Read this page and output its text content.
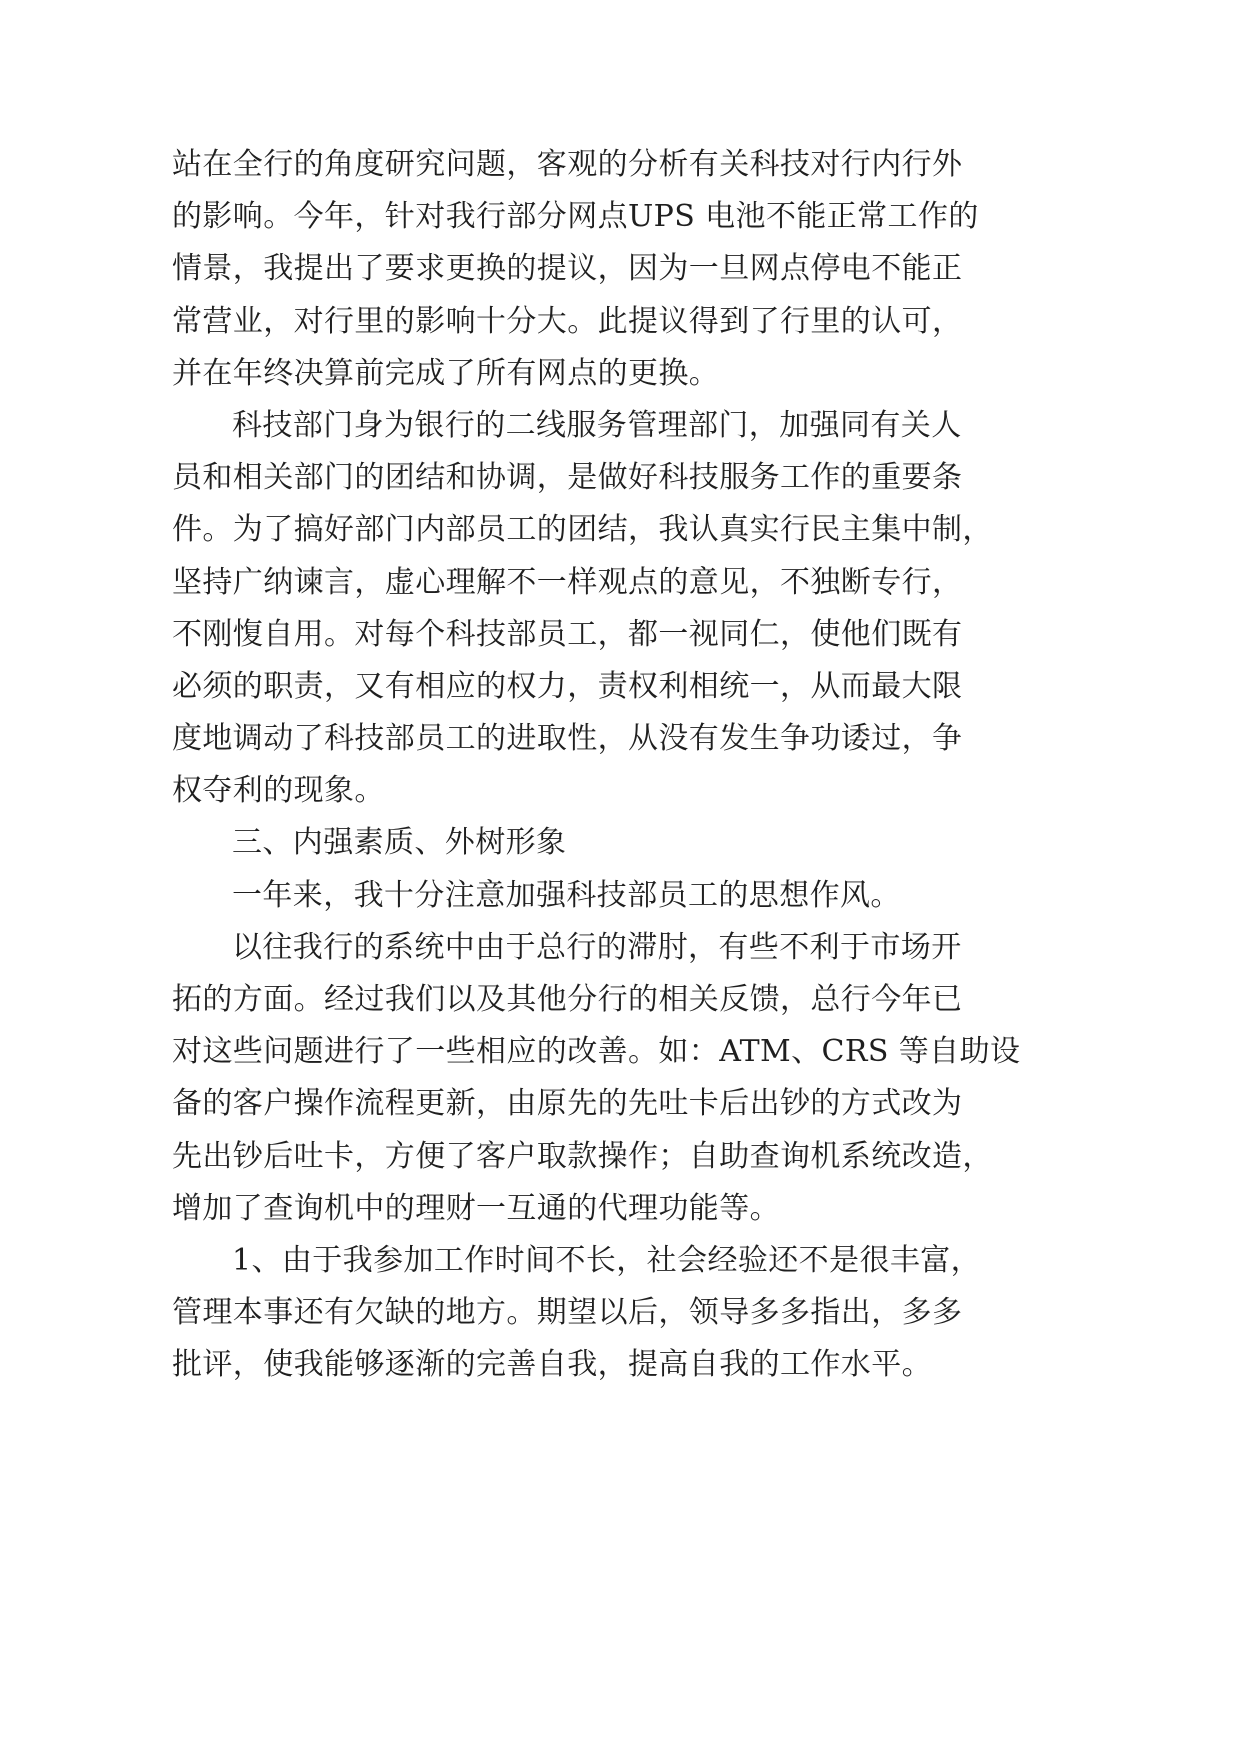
站在全行的角度研究问题，客观的分析有关科技对行内行外
的影响。今年，针对我行部分网点UPS 电池不能正常工作的
情景，我提出了要求更换的提议，因为一旦网点停电不能正
常营业，对行里的影响十分大。此提议得到了行里的认可，
并在年终决算前完成了所有网点的更换。
科技部门身为银行的二线服务管理部门，加强同有关人
员和相关部门的团结和协调，是做好科技服务工作的重要条
件。为了搞好部门内部员工的团结，我认真实行民主集中制，
坚持广纳谏言，虚心理解不一样观点的意见，不独断专行，
不刚愎自用。对每个科技部员工，都一视同仁，使他们既有
必须的职责，又有相应的权力，责权利相统一，从而最大限
度地调动了科技部员工的进取性，从没有发生争功诿过，争
权夺利的现象。
三、内强素质、外树形象
一年来，我十分注意加强科技部员工的思想作风。
以往我行的系统中由于总行的滞肘，有些不利于市场开
拓的方面。经过我们以及其他分行的相关反馈，总行今年已
对这些问题进行了一些相应的改善。如：ATM、CRS 等自助设
备的客户操作流程更新，由原先的先吐卡后出钞的方式改为
先出钞后吐卡，方便了客户取款操作；自助查询机系统改造，
增加了查询机中的理财一互通的代理功能等。
1、由于我参加工作时间不长，社会经验还不是很丰富，
管理本事还有欠缺的地方。期望以后，领导多多指出，多多
批评，使我能够逐渐的完善自我，提高自我的工作水平。
